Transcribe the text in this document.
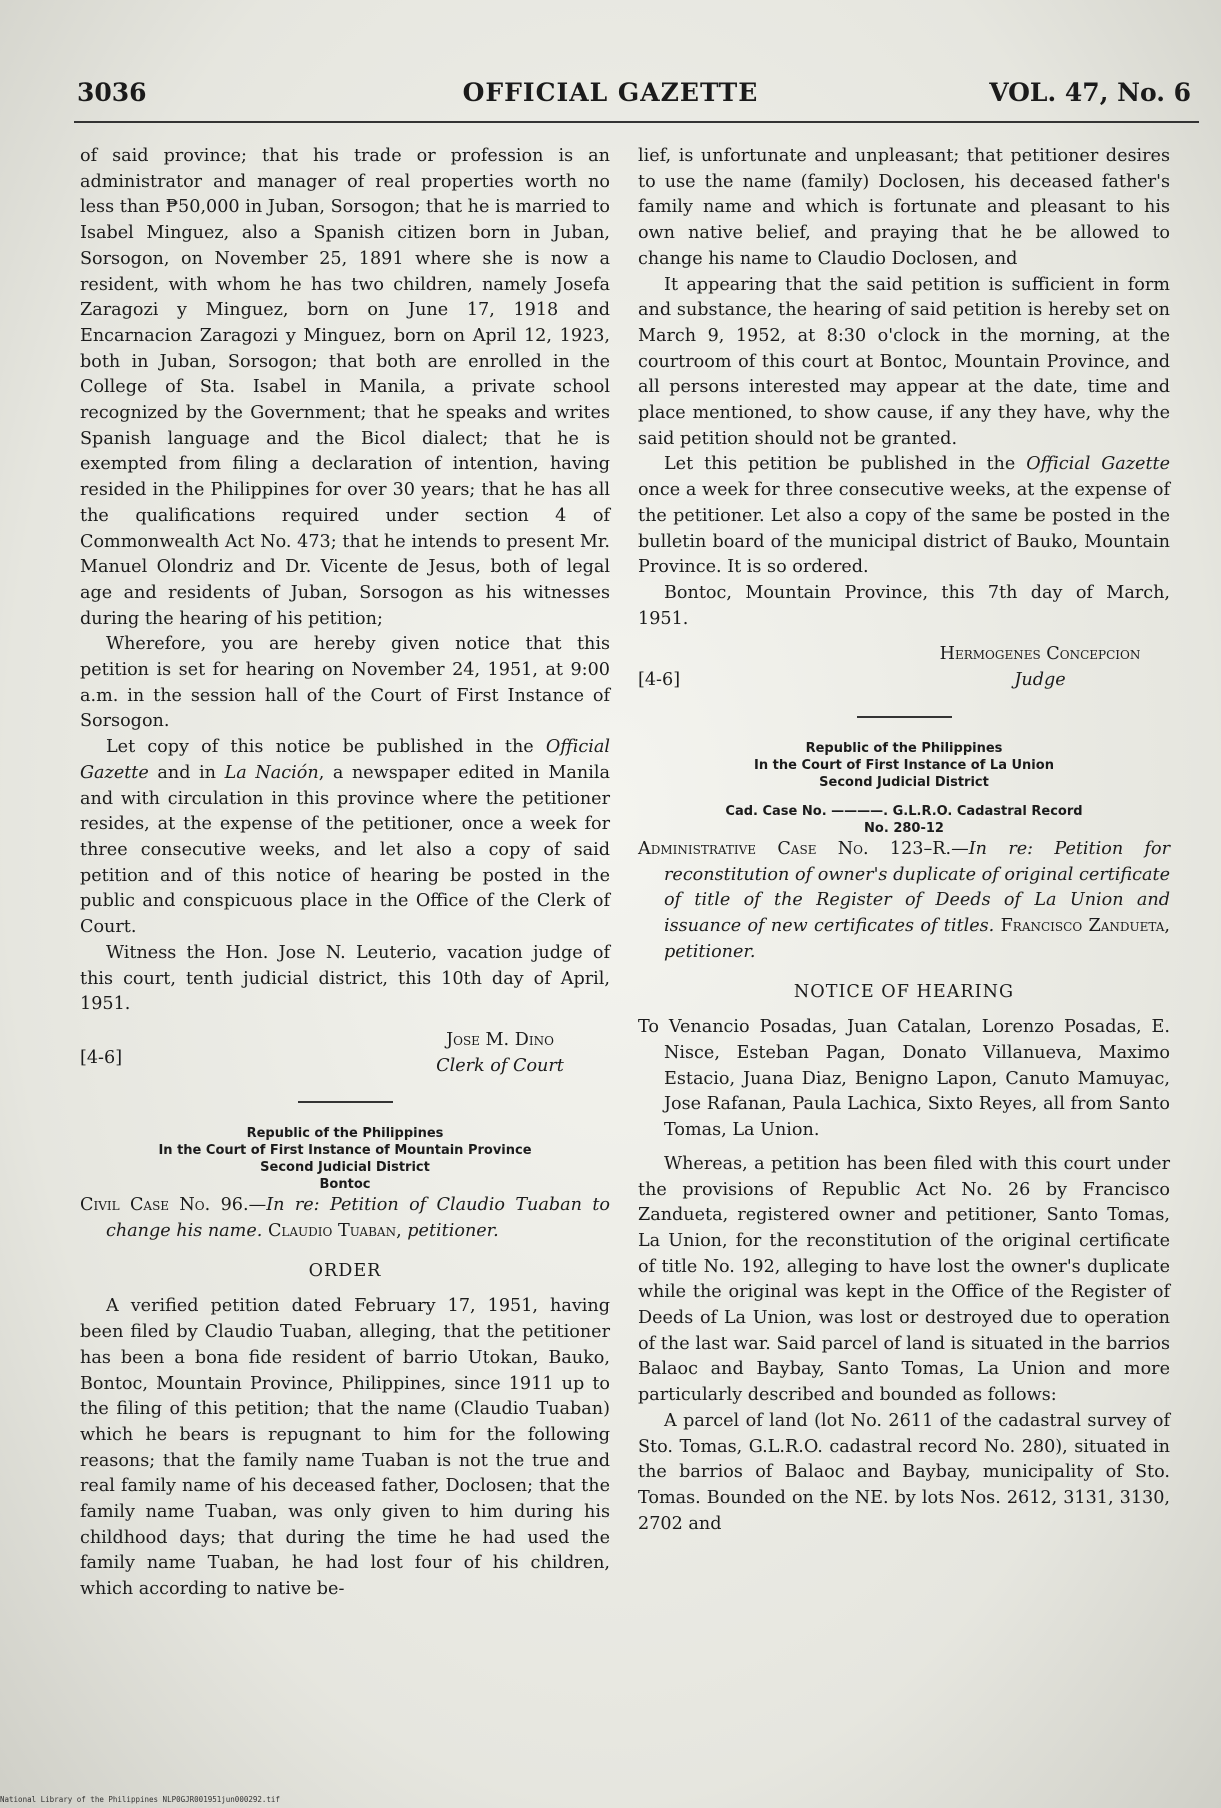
3036	OFFICIAL GAZETTE	VOL. 47, No. 6

of said province; that his trade or profession is an administrator and manager of real properties worth no less than ₱50,000 in Juban, Sorsogon; that he is married to Isabel Minguez, also a Spanish citizen born in Juban, Sorsogon, on November 25, 1891 where she is now a resident, with whom he has two children, namely Josefa Zaragozi y Minguez, born on June 17, 1918 and Encarnacion Zaragozi y Minguez, born on April 12, 1923, both in Juban, Sorsogon; that both are enrolled in the College of Sta. Isabel in Manila, a private school recognized by the Government; that he speaks and writes Spanish language and the Bicol dialect; that he is exempted from filing a declaration of intention, having resided in the Philippines for over 30 years; that he has all the qualifications required under section 4 of Commonwealth Act No. 473; that he intends to present Mr. Manuel Olondriz and Dr. Vicente de Jesus, both of legal age and residents of Juban, Sorsogon as his witnesses during the hearing of his petition;

Wherefore, you are hereby given notice that this petition is set for hearing on November 24, 1951, at 9:00 a.m. in the session hall of the Court of First Instance of Sorsogon.

Let copy of this notice be published in the Official Gazette and in La Nación, a newspaper edited in Manila and with circulation in this province where the petitioner resides, at the expense of the petitioner, once a week for three consecutive weeks, and let also a copy of said petition and of this notice of hearing be posted in the public and conspicuous place in the Office of the Clerk of Court.

Witness the Hon. Jose N. Leuterio, vacation judge of this court, tenth judicial district, this 10th day of April, 1951.

[4-6]
Jose M. Dino
Clerk of Court
Republic of the Philippines
In the Court of First Instance of Mountain Province
Second Judicial District
Bontoc

Civil Case No. 96.—In re: Petition of Claudio Tuaban to change his name. Claudio Tuaban, petitioner.

ORDER

A verified petition dated February 17, 1951, having been filed by Claudio Tuaban, alleging, that the petitioner has been a bona fide resident of barrio Utokan, Bauko, Bontoc, Mountain Province, Philippines, since 1911 up to the filing of this petition; that the name (Claudio Tuaban) which he bears is repugnant to him for the following reasons; that the family name Tuaban is not the true and real family name of his deceased father, Doclosen; that the family name Tuaban, was only given to him during his childhood days; that during the time he had used the family name Tuaban, he had lost four of his children, which according to native be-

lief, is unfortunate and unpleasant; that petitioner desires to use the name (family) Doclosen, his deceased father's family name and which is fortunate and pleasant to his own native belief, and praying that he be allowed to change his name to Claudio Doclosen, and

It appearing that the said petition is sufficient in form and substance, the hearing of said petition is hereby set on March 9, 1952, at 8:30 o'clock in the morning, at the courtroom of this court at Bontoc, Mountain Province, and all persons interested may appear at the date, time and place mentioned, to show cause, if any they have, why the said petition should not be granted.

Let this petition be published in the Official Gazette once a week for three consecutive weeks, at the expense of the petitioner. Let also a copy of the same be posted in the bulletin board of the municipal district of Bauko, Mountain Province. It is so ordered.

Bontoc, Mountain Province, this 7th day of March, 1951.

[4-6]
Hermogenes Concepcion
Judge
Republic of the Philippines
In the Court of First Instance of La Union
Second Judicial District
Cad. Case No. ————. G.L.R.O. Cadastral Record
No. 280-12

Administrative Case No. 123–R.—In re: Petition for reconstitution of owner's duplicate of original certificate of title of the Register of Deeds of La Union and issuance of new certificates of titles. Francisco Zandueta, petitioner.

NOTICE OF HEARING

To Venancio Posadas, Juan Catalan, Lorenzo Posadas, E. Nisce, Esteban Pagan, Donato Villanueva, Maximo Estacio, Juana Diaz, Benigno Lapon, Canuto Mamuyac, Jose Rafanan, Paula Lachica, Sixto Reyes, all from Santo Tomas, La Union.

Whereas, a petition has been filed with this court under the provisions of Republic Act No. 26 by Francisco Zandueta, registered owner and petitioner, Santo Tomas, La Union, for the reconstitution of the original certificate of title No. 192, alleging to have lost the owner's duplicate while the original was kept in the Office of the Register of Deeds of La Union, was lost or destroyed due to operation of the last war. Said parcel of land is situated in the barrios Balaoc and Baybay, Santo Tomas, La Union and more particularly described and bounded as follows:

A parcel of land (lot No. 2611 of the cadastral survey of Sto. Tomas, G.L.R.O. cadastral record No. 280), situated in the barrios of Balaoc and Baybay, municipality of Sto. Tomas. Bounded on the NE. by lots Nos. 2612, 3131, 3130, 2702 and

National Library of the Philippines NLP0GJR001951jun000292.tif
